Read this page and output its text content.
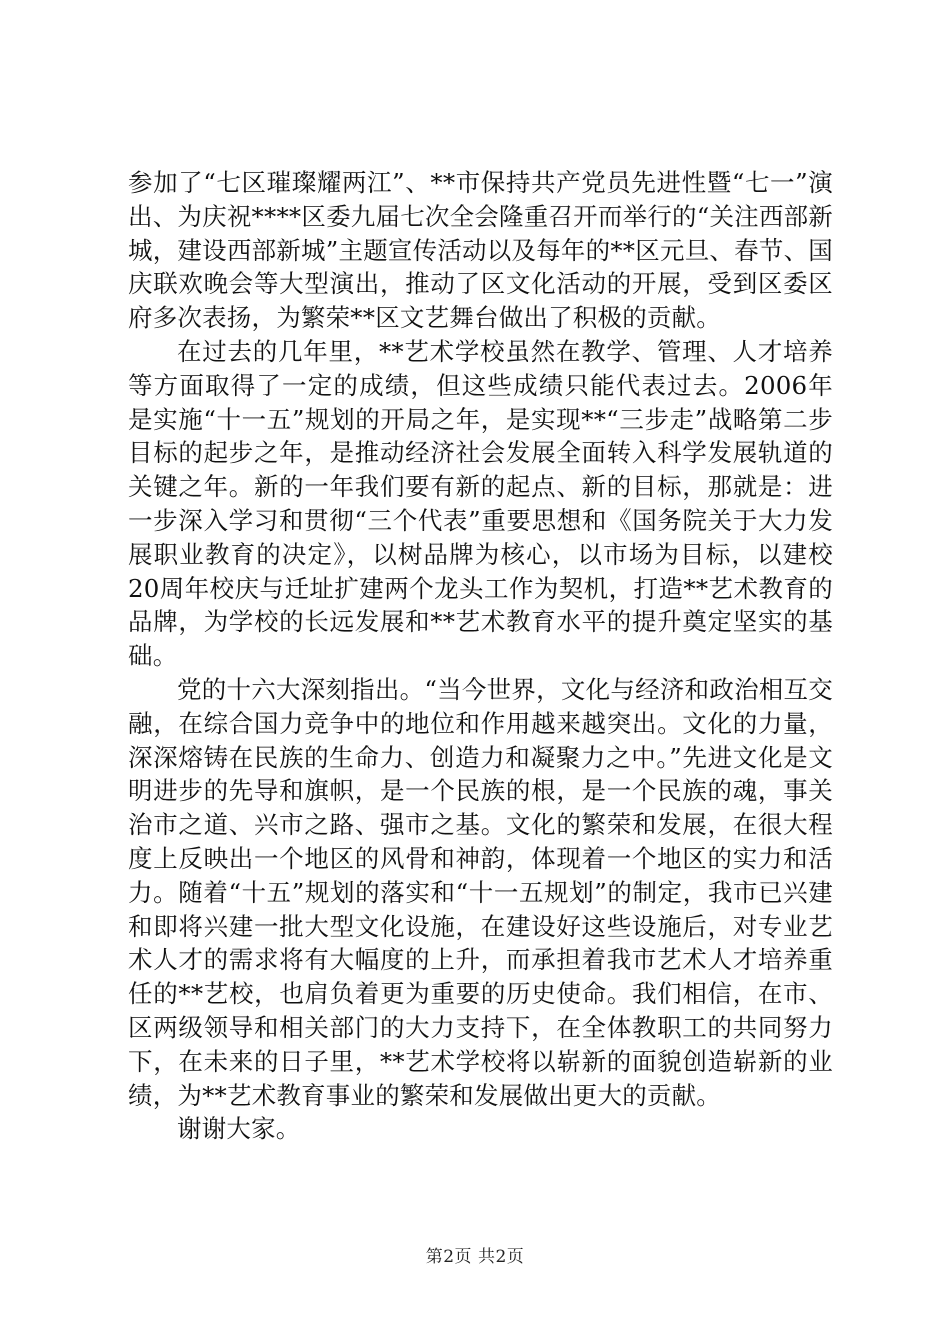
参加了“七区璀璨耀两江”、**市保持共产党员先进性暨“七一”演出、为庆祝****区委九届七次全会隆重召开而举行的“关注西部新城，建设西部新城”主题宣传活动以及每年的**区元旦、春节、国庆联欢晚会等大型演出，推动了区文化活动的开展，受到区委区府多次表扬，为繁荣**区文艺舞台做出了积极的贡献。

在过去的几年里，**艺术学校虽然在教学、管理、人才培养等方面取得了一定的成绩，但这些成绩只能代表过去。2006年是实施“十一五”规划的开局之年，是实现**“三步走”战略第二步目标的起步之年，是推动经济社会发展全面转入科学发展轨道的关键之年。新的一年我们要有新的起点、新的目标，那就是：进一步深入学习和贯彻“三个代表”重要思想和《国务院关于大力发展职业教育的决定》，以树品牌为核心，以市场为目标，以建校20周年校庆与迁址扩建两个龙头工作为契机，打造**艺术教育的品牌，为学校的长远发展和**艺术教育水平的提升奠定坚实的基础。

党的十六大深刻指出。“当今世界，文化与经济和政治相互交融，在综合国力竞争中的地位和作用越来越突出。文化的力量，深深熔铸在民族的生命力、创造力和凝聚力之中。”先进文化是文明进步的先导和旗帜，是一个民族的根，是一个民族的魂，事关治市之道、兴市之路、强市之基。文化的繁荣和发展，在很大程度上反映出一个地区的风骨和神韵，体现着一个地区的实力和活力。随着“十五”规划的落实和“十一五规划”的制定，我市已兴建和即将兴建一批大型文化设施，在建设好这些设施后，对专业艺术人才的需求将有大幅度的上升，而承担着我市艺术人才培养重任的**艺校，也肩负着更为重要的历史使命。我们相信，在市、区两级领导和相关部门的大力支持下，在全体教职工的共同努力下，在未来的日子里，**艺术学校将以崭新的面貌创造崭新的业绩，为**艺术教育事业的繁荣和发展做出更大的贡献。

谢谢大家。

第2页 共2页
